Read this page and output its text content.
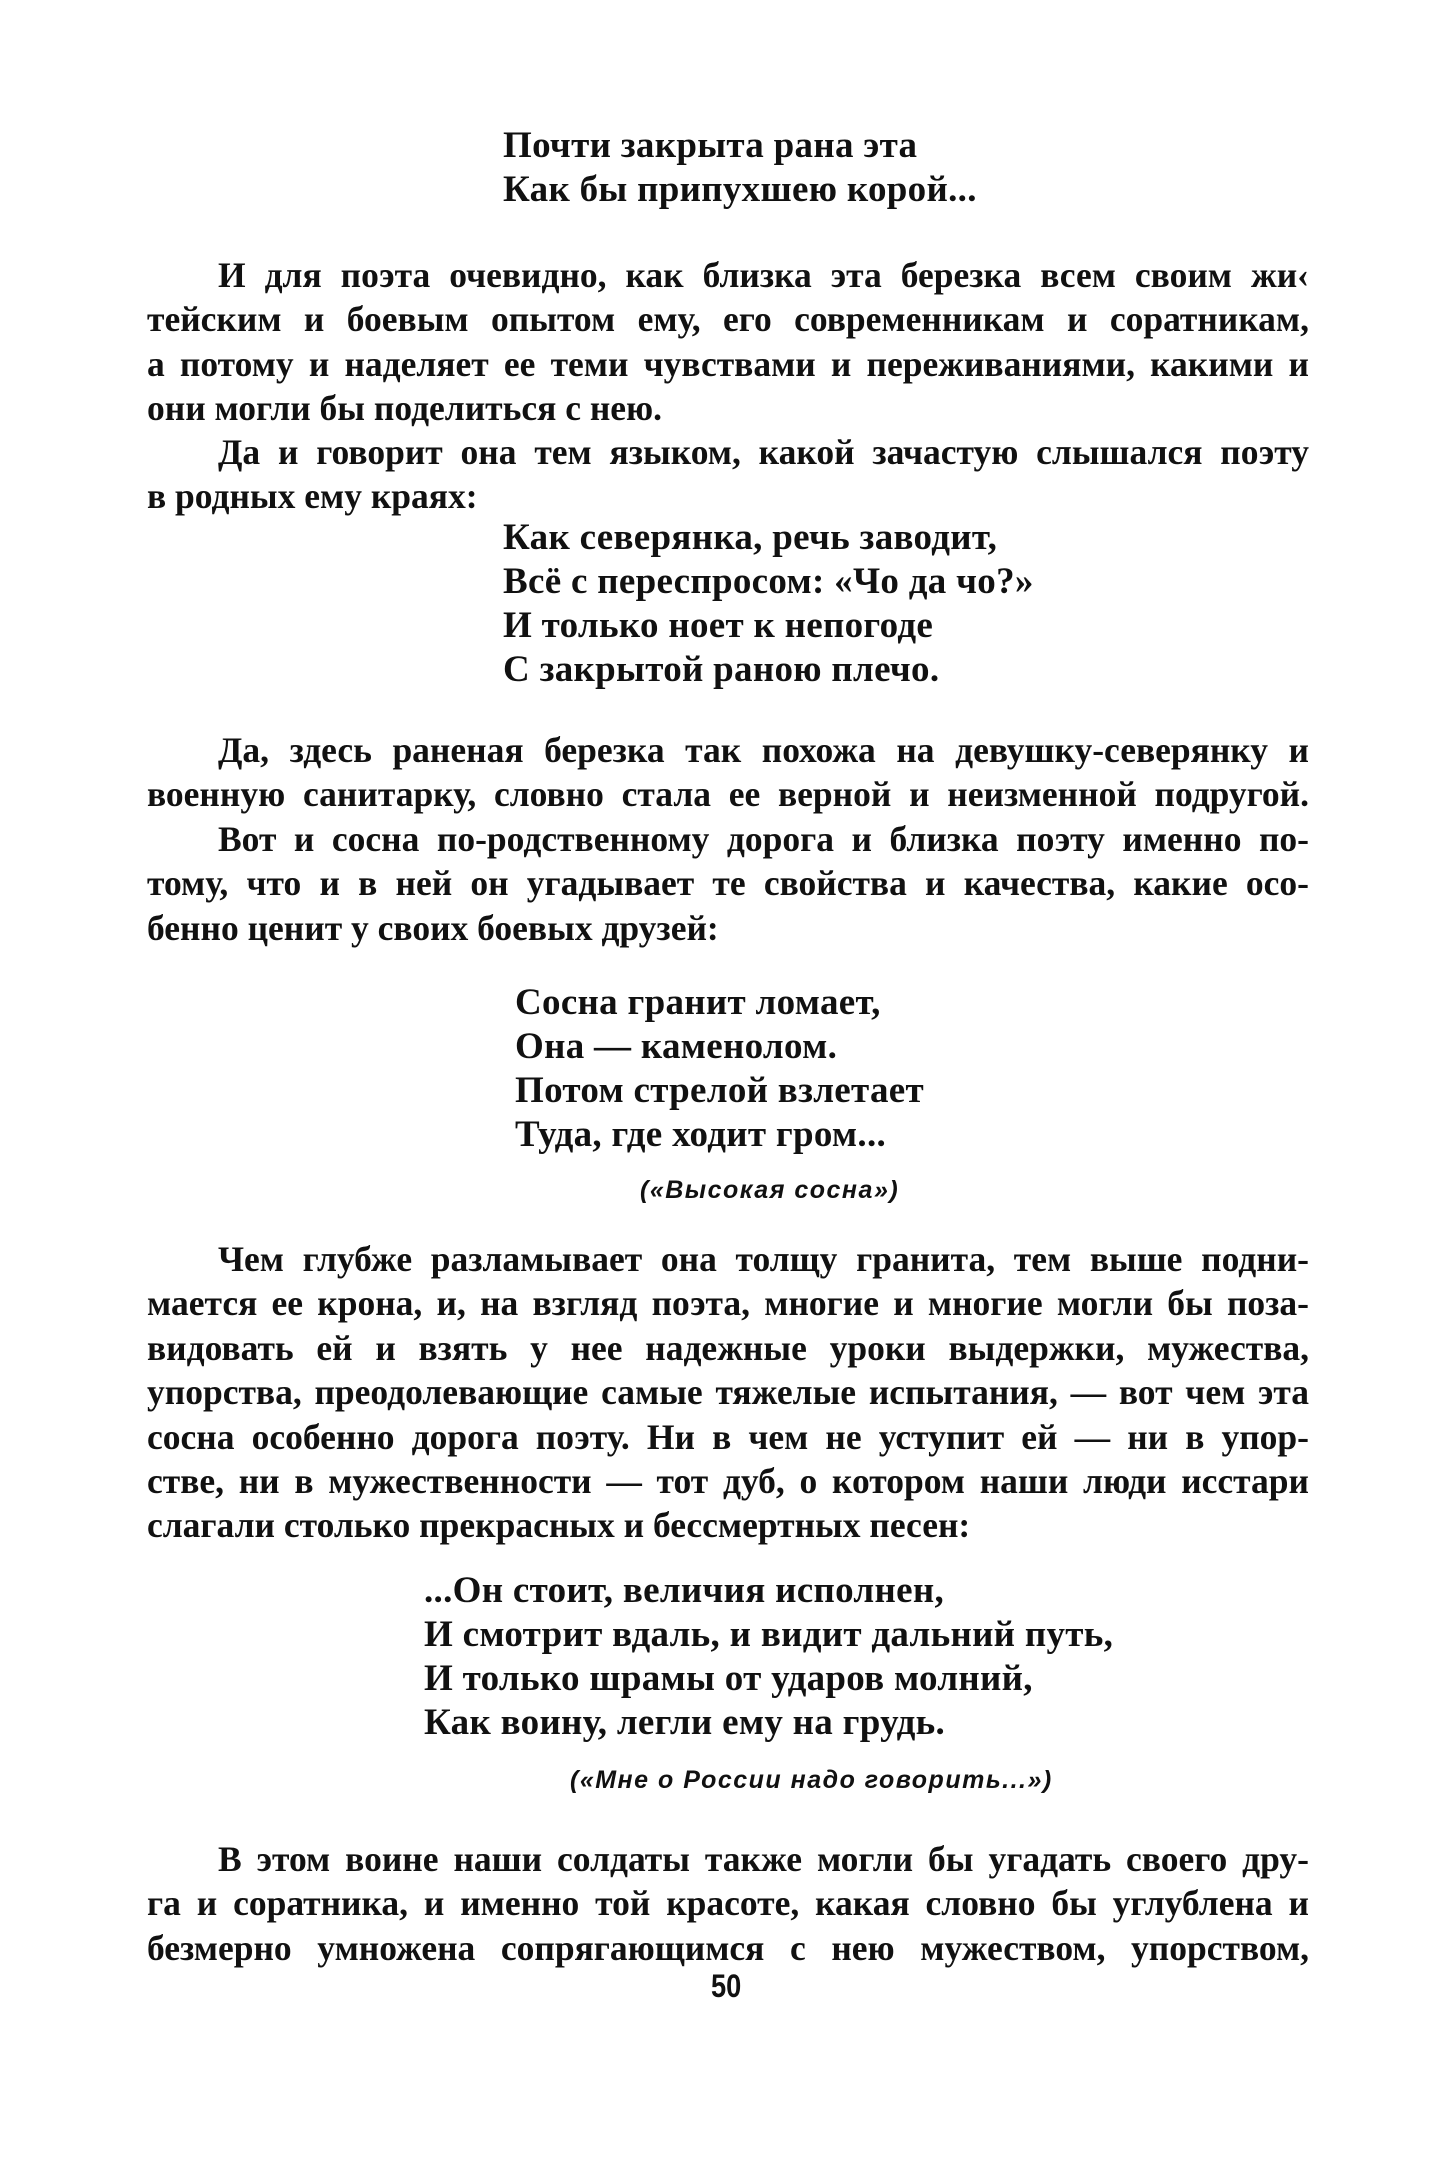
Почти закрыта рана эта
Как бы припухшею корой...
И для поэта очевидно, как близка эта березка всем своим жи‹
тейским и боевым опытом ему, его современникам и соратникам,
а потому и наделяет ее теми чувствами и переживаниями, какими и
они могли бы поделиться с нею.
Да и говорит она тем языком, какой зачастую слышался поэту
в родных ему краях:
Как северянка, речь заводит,
Всё с переспросом: «Чо да чо?»
И только ноет к непогоде
С закрытой раною плечо.
Да, здесь раненая березка так похожа на девушку-северянку и
военную санитарку, словно стала ее верной и неизменной подругой.
Вот и сосна по-родственному дорога и близка поэту именно по-
тому, что и в ней он угадывает те свойства и качества, какие осо-
бенно ценит у своих боевых друзей:
Сосна гранит ломает,
Она — каменолом.
Потом стрелой взлетает
Туда, где ходит гром...
(«Высокая сосна»)
Чем глубже разламывает она толщу гранита, тем выше подни-
мается ее крона, и, на взгляд поэта, многие и многие могли бы поза-
видовать ей и взять у нее надежные уроки выдержки, мужества,
упорства, преодолевающие самые тяжелые испытания, — вот чем эта
сосна особенно дорога поэту. Ни в чем не уступит ей — ни в упор-
стве, ни в мужественности — тот дуб, о котором наши люди исстари
слагали столько прекрасных и бессмертных песен:
...Он стоит, величия исполнен,
И смотрит вдаль, и видит дальний путь,
И только шрамы от ударов молний,
Как воину, легли ему на грудь.
(«Мне о России надо говорить...»)
В этом воине наши солдаты также могли бы угадать своего дру-
га и соратника, и именно той красоте, какая словно бы углублена и
безмерно умножена сопрягающимся с нею мужеством, упорством,
50
